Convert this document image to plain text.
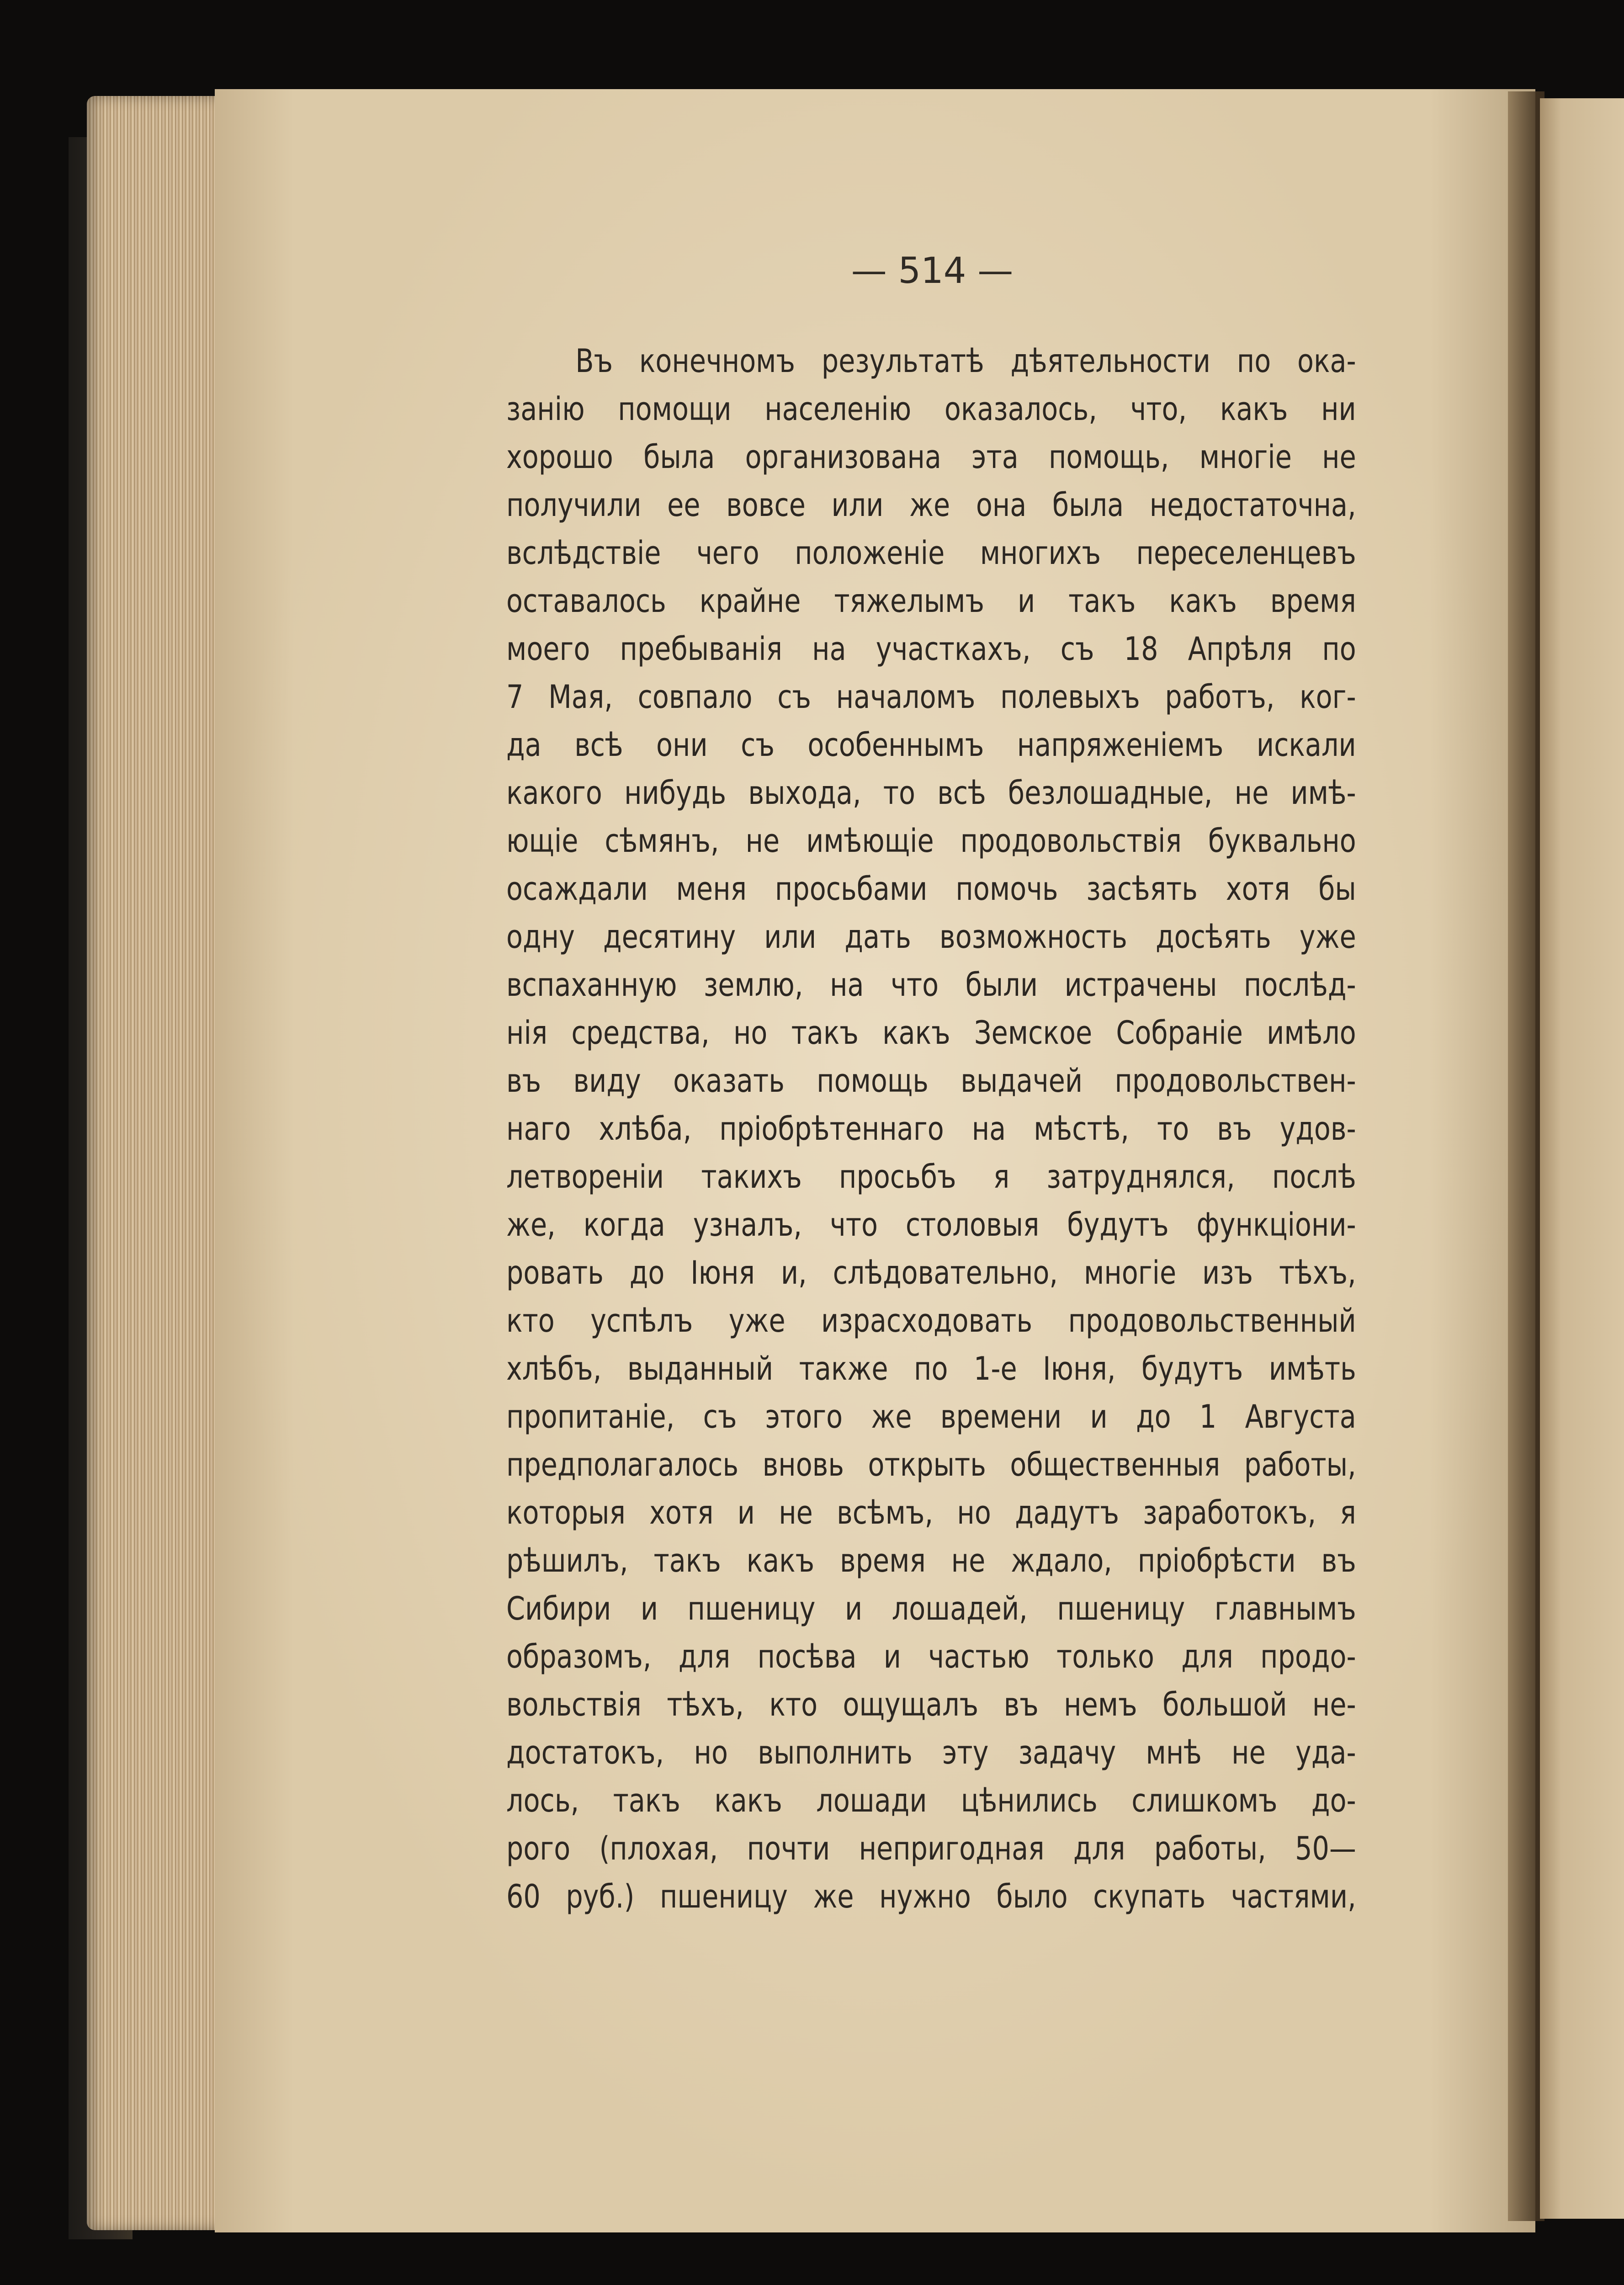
— 514 —

Въ конечномъ результатѣ дѣятельности по ока-
занію помощи населенію оказалось, что, какъ ни
хорошо была организована эта помощь, многіе не
получили ее вовсе или же она была недостаточна,
вслѣдствіе чего положеніе многихъ переселенцевъ
оставалось крайне тяжелымъ и такъ какъ время
моего пребыванія на участкахъ, съ 18 Апрѣля по
7 Мая, совпало съ началомъ полевыхъ работъ, ког-
да всѣ они съ особеннымъ напряженіемъ искали
какого нибудь выхода, то всѣ безлошадные, не имѣ-
ющіе сѣмянъ, не имѣющіе продовольствія буквально
осаждали меня просьбами помочь засѣять хотя бы
одну десятину или дать возможность досѣять уже
вспаханную землю, на что были истрачены послѣд-
нія средства, но такъ какъ Земское Собраніе имѣло
въ виду оказать помощь выдачей продовольствен-
наго хлѣба, пріобрѣтеннаго на мѣстѣ, то въ удов-
летвореніи такихъ просьбъ я затруднялся, послѣ
же, когда узналъ, что столовыя будутъ функціони-
ровать до Іюня и, слѣдовательно, многіе изъ тѣхъ,
кто успѣлъ уже израсходовать продовольственный
хлѣбъ, выданный также по 1-е Іюня, будутъ имѣть
пропитаніе, съ этого же времени и до 1 Августа
предполагалось вновь открыть общественныя работы,
которыя хотя и не всѣмъ, но дадутъ заработокъ, я
рѣшилъ, такъ какъ время не ждало, пріобрѣсти въ
Сибири и пшеницу и лошадей, пшеницу главнымъ
образомъ, для посѣва и частью только для продо-
вольствія тѣхъ, кто ощущалъ въ немъ большой не-
достатокъ, но выполнить эту задачу мнѣ не уда-
лось, такъ какъ лошади цѣнились слишкомъ до-
рого (плохая, почти непригодная для работы, 50—
60 руб.) пшеницу же нужно было скупать частями,
